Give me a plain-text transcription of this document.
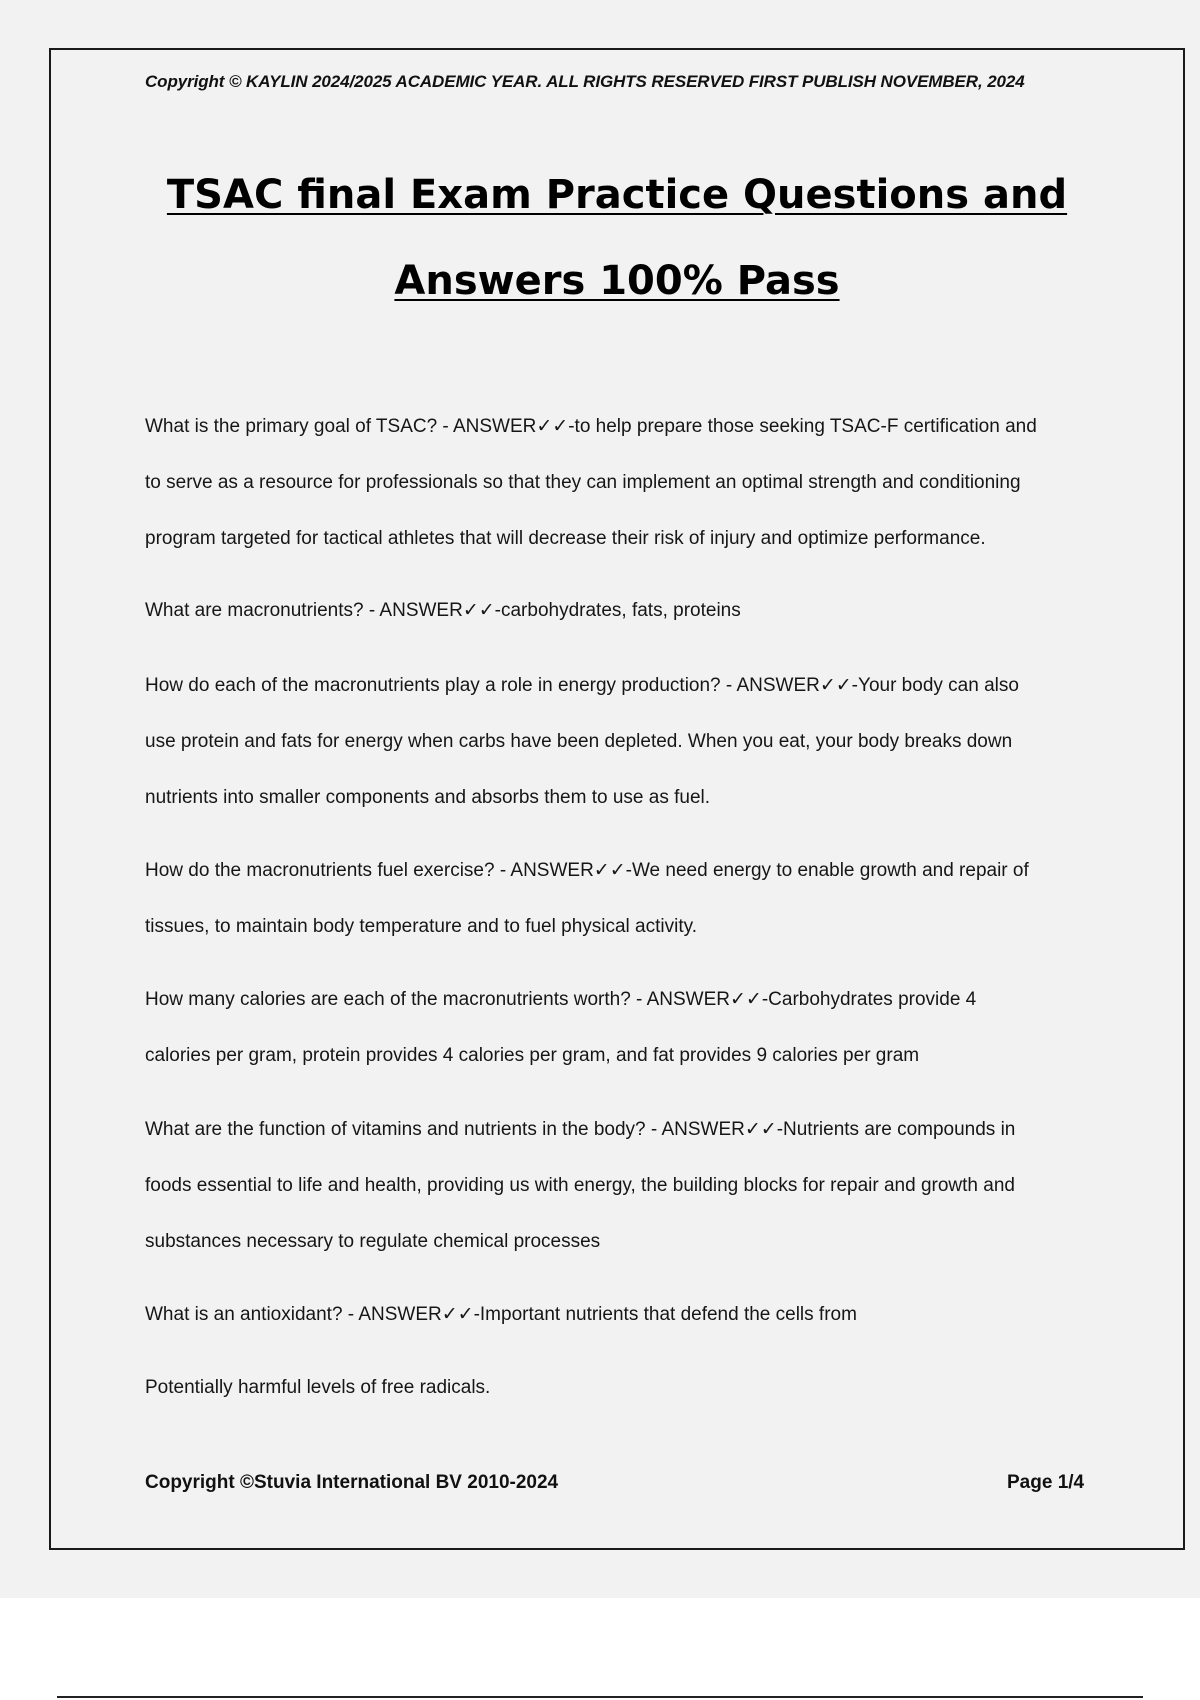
Copyright © KAYLIN 2024/2025 ACADEMIC YEAR. ALL RIGHTS RESERVED FIRST PUBLISH NOVEMBER, 2024
TSAC final Exam Practice Questions and
Answers 100% Pass
What is the primary goal of TSAC? - ANSWER✓✓-to help prepare those seeking TSAC-F certification and
to serve as a resource for professionals so that they can implement an optimal strength and conditioning
program targeted for tactical athletes that will decrease their risk of injury and optimize performance.
What are macronutrients? - ANSWER✓✓-carbohydrates, fats, proteins
How do each of the macronutrients play a role in energy production? - ANSWER✓✓-Your body can also
use protein and fats for energy when carbs have been depleted. When you eat, your body breaks down
nutrients into smaller components and absorbs them to use as fuel.
How do the macronutrients fuel exercise? - ANSWER✓✓-We need energy to enable growth and repair of
tissues, to maintain body temperature and to fuel physical activity.
How many calories are each of the macronutrients worth? - ANSWER✓✓-Carbohydrates provide 4
calories per gram, protein provides 4 calories per gram, and fat provides 9 calories per gram
What are the function of vitamins and nutrients in the body? - ANSWER✓✓-Nutrients are compounds in
foods essential to life and health, providing us with energy, the building blocks for repair and growth and
substances necessary to regulate chemical processes
What is an antioxidant? - ANSWER✓✓-Important nutrients that defend the cells from
Potentially harmful levels of free radicals.
Copyright ©Stuvia International BV 2010-2024	Page 1/4
